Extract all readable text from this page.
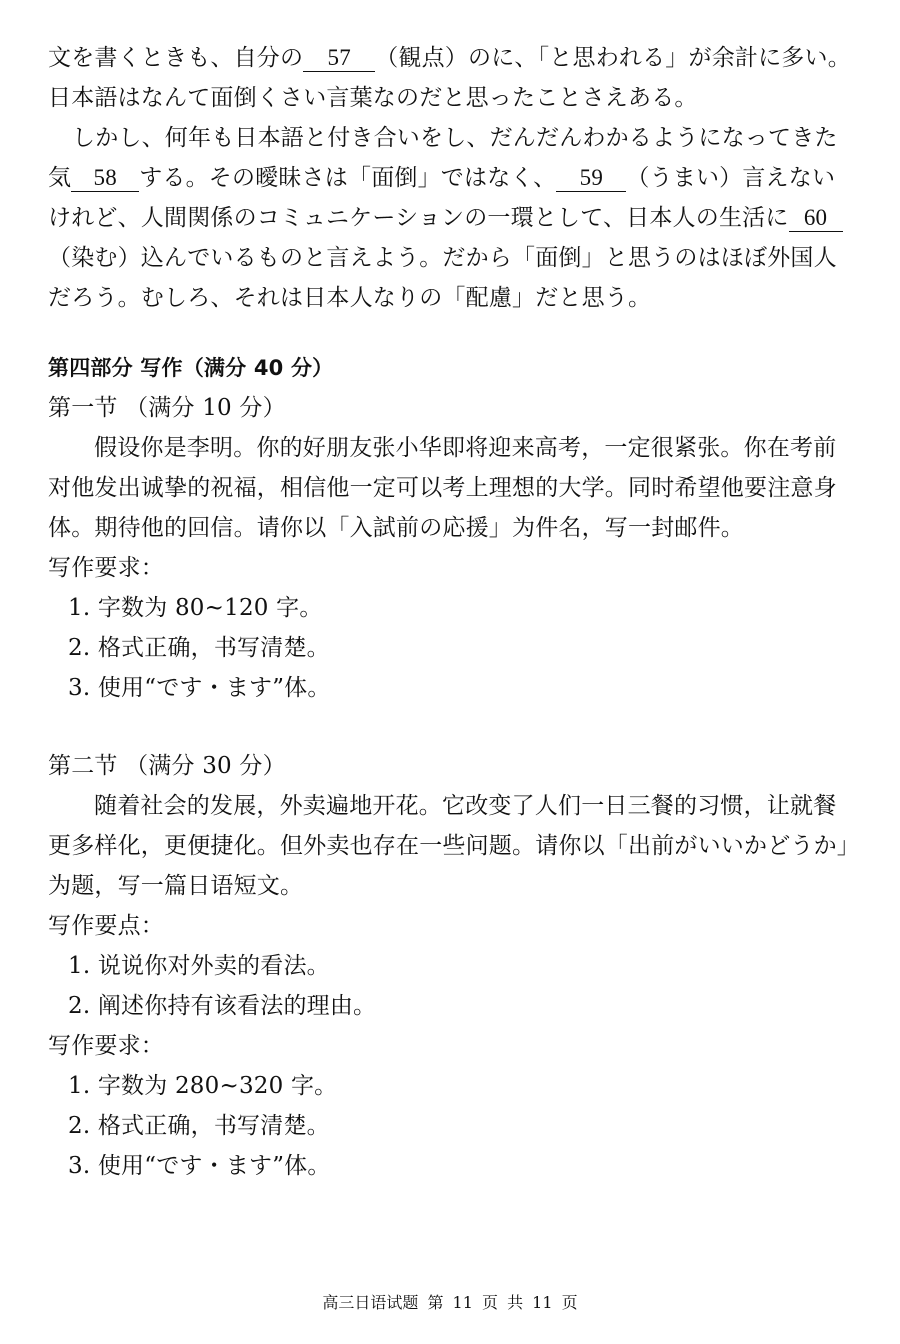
文を書くときも、自分の 57 （観点）のに、「と思われる」が余計に多い。
日本語はなんて面倒くさい言葉なのだと思ったことさえある。
しかし、何年も日本語と付き合いをし、だんだんわかるようになってきた
気 58 する。その曖昧さは「面倒」ではなく、 59 （うまい）言えない
けれど、人間関係のコミュニケーションの一環として、日本人の生活に 60
（染む）込んでいるものと言えよう。だから「面倒」と思うのはほぼ外国人
だろう。むしろ、それは日本人なりの「配慮」だと思う。
第四部分 写作（满分 40 分）
第一节 （满分 10 分）
假设你是李明。你的好朋友张小华即将迎来高考，一定很紧张。你在考前
对他发出诚挚的祝福，相信他一定可以考上理想的大学。同时希望他要注意身
体。期待他的回信。请你以「入試前の応援」为件名，写一封邮件。
写作要求：
1. 字数为 80~120 字。
2. 格式正确，书写清楚。
3. 使用“です・ます”体。
第二节 （满分 30 分）
随着社会的发展，外卖遍地开花。它改变了人们一日三餐的习惯，让就餐
更多样化，更便捷化。但外卖也存在一些问题。请你以「出前がいいかどうか」
为题，写一篇日语短文。
写作要点：
1. 说说你对外卖的看法。
2. 阐述你持有该看法的理由。
写作要求：
1. 字数为 280~320 字。
2. 格式正确，书写清楚。
3. 使用“です・ます”体。
高三日语试题 第 11 页 共 11 页
